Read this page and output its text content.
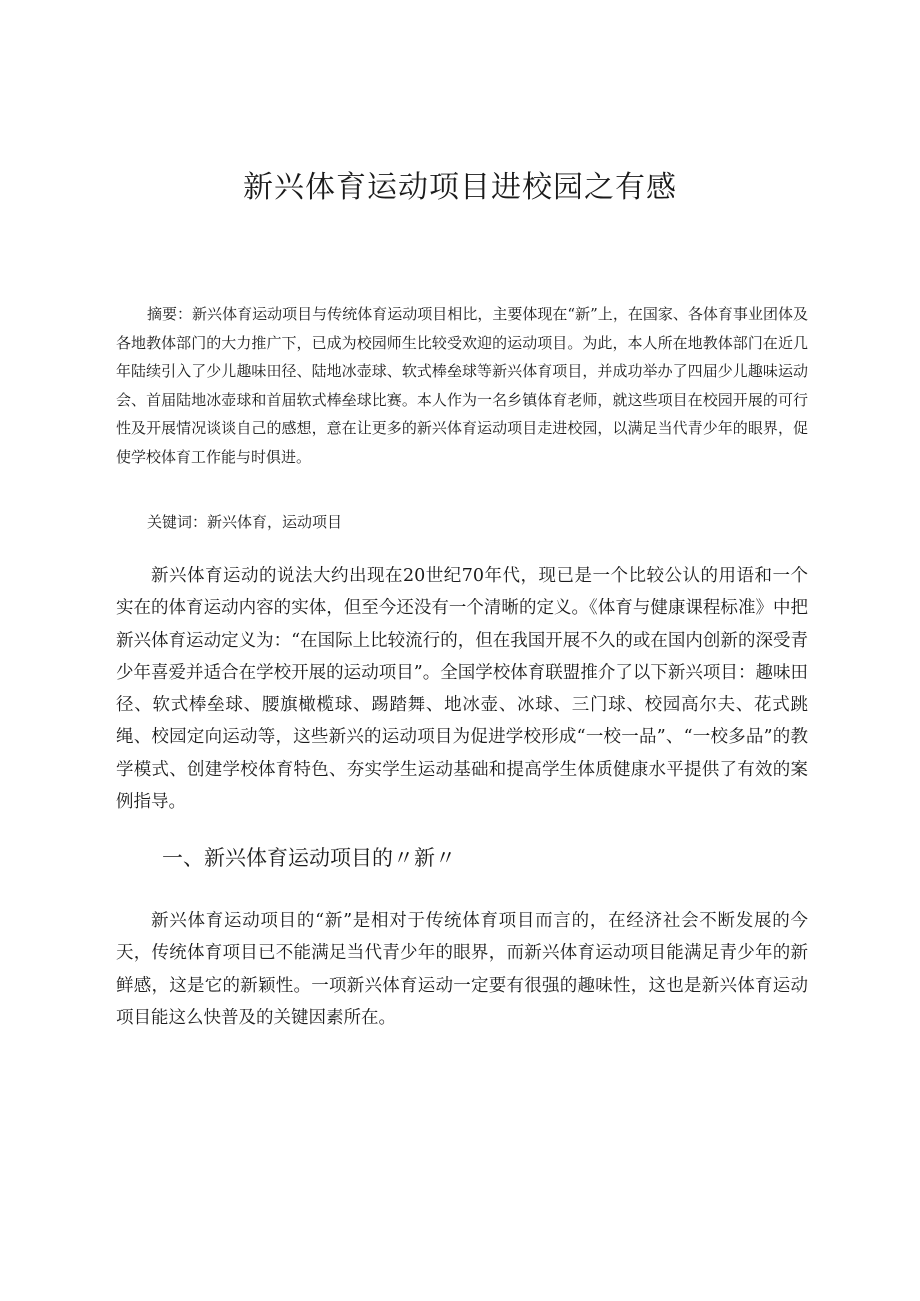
新兴体育运动项目进校园之有感

摘要：新兴体育运动项目与传统体育运动项目相比，主要体现在“新”上，在国家、各体育事业团体及各地教体部门的大力推广下，已成为校园师生比较受欢迎的运动项目。为此，本人所在地教体部门在近几年陆续引入了少儿趣味田径、陆地冰壶球、软式棒垒球等新兴体育项目，并成功举办了四届少儿趣味运动会、首届陆地冰壶球和首届软式棒垒球比赛。本人作为一名乡镇体育老师，就这些项目在校园开展的可行性及开展情况谈谈自己的感想，意在让更多的新兴体育运动项目走进校园，以满足当代青少年的眼界，促使学校体育工作能与时俱进。

关键词：新兴体育，运动项目

新兴体育运动的说法大约出现在20世纪70年代，现已是一个比较公认的用语和一个实在的体育运动内容的实体，但至今还没有一个清晰的定义。《体育与健康课程标准》中把新兴体育运动定义为：“在国际上比较流行的，但在我国开展不久的或在国内创新的深受青少年喜爱并适合在学校开展的运动项目”。全国学校体育联盟推介了以下新兴项目：趣味田径、软式棒垒球、腰旗橄榄球、踢踏舞、地冰壶、冰球、三门球、校园高尔夫、花式跳绳、校园定向运动等，这些新兴的运动项目为促进学校形成“一校一品”、“一校多品”的教学模式、创建学校体育特色、夯实学生运动基础和提高学生体质健康水平提供了有效的案例指导。

一、新兴体育运动项目的〃新〃

新兴体育运动项目的“新”是相对于传统体育项目而言的，在经济社会不断发展的今天，传统体育项目已不能满足当代青少年的眼界，而新兴体育运动项目能满足青少年的新鲜感，这是它的新颖性。一项新兴体育运动一定要有很强的趣味性，这也是新兴体育运动项目能这么快普及的关键因素所在。
